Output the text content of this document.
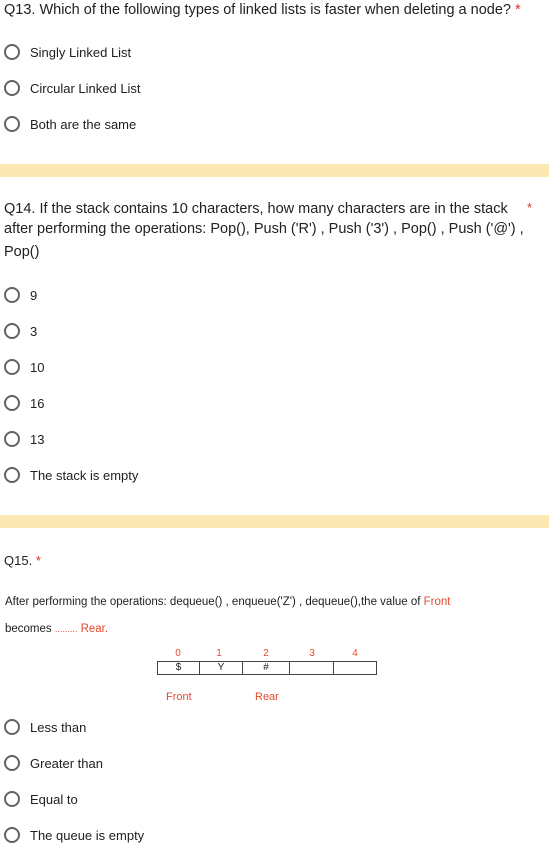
Q13. Which of the following types of linked lists is faster when deleting a node? *
Singly Linked List
Circular Linked List
Both are the same
Q14. If the stack contains 10 characters, how many characters are in the stack *
after performing the operations: Pop(), Push ('R') , Push ('3') , Pop() , Push ('@') ,
Pop()
9
3
10
16
13
The stack is empty
Q15. *
After performing the operations: dequeue() , enqueue('Z') , dequeue(),the value of Front
becomes ......... Rear.
0	1	2	3	4
$	Y	#
Front	Rear
Less than
Greater than
Equal to
The queue is empty
